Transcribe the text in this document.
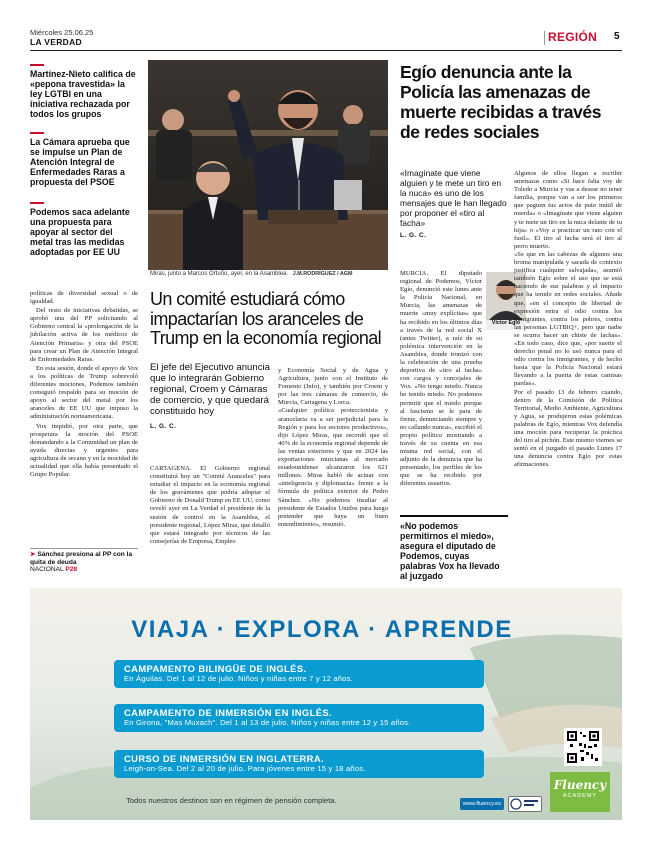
Miércoles 25.06.25
LA VERDAD	REGIÓN 5
Martínez-Nieto califica de «pepona travestida» la ley LGTBI en una iniciativa rechazada por todos los grupos
La Cámara aprueba que se impulse un Plan de Atención Integral de Enfermedades Raras a propuesta del PSOE
Podemos saca adelante una propuesta para apoyar al sector del metal tras las medidas adoptadas por EE UU
Miras, junto a Marcos Ortuño, ayer, en la Asamblea. J.M.RODRÍGUEZ / AGM

políticas de diversidad sexual o de igualdad.

Del resto de iniciativas debatidas, se aprobó una del PP solicitando al Gobierno central la «prolongación de la jubilación activa de los médicos de Atención Primaria» y otra del PSOE para crear un Plan de Atención Integral de Enfermedades Raras.

En esta sesión, donde el apoyo de Vox a los políticas de Trump sobrevoló diferentes mociones, Podemos también consiguió respaldo para su moción de apoyo al sector del metal por los aranceles de EE UU que impuso la administración norteamericana.

Vox impidió, por otra parte, que prosperara la moción del PSOE demandando a la Comunidad un plan de ayuda directas y urgentes para agricultura de secano y en la mocidad de actualidad que ella había presentado el Grupo Popular.

➤ Sánchez presiona al PP con la quita de deuda
NACIONAL P28
Un comité estudiará cómo impactarían los aranceles de Trump en la economía regional
El jefe del Ejecutivo anuncia que lo integrarán Gobierno regional, Croem y Cámaras de comercio, y que quedará constituido hoy
L. G. C.
CARTAGENA. El Gobierno regional constituirá hoy un "Comité Aranceles" para estudiar el impacto en la economía regional de los gravámenes que podría adoptar el Gobierno de Donald Trump en EE UU, como reveló ayer en La Verdad el presidente de la sesión de control en la Asamblea, el presidente regional, López Miras, que detalló que estará integrado por técnicos de las consejerías de Empresa, Empleo
y Economía Social y de Agua y Agricultura, junto con el Instituto de Fomento (Info), y también por Croem y por las tres cámaras de comercio, de Murcia, Cartagena y Lorca.
«Cualquier política proteccionista y arancelaria va a ser perjudicial para la Región y para los sectores productivos», dijo López Miras, que recordó que el 40% de la economía regional depende de las ventas exteriores y que en 2024 las exportaciones murcianas al mercado estadounidense alcanzaron los 621 millones. Miras habló de actuar con «inteligencia y diplomacia» frente a la fórmula de política exterior de Pedro Sánchez. «No podemos insultar al presidente de Estados Unidos para luego pretender que haya un buen entendimiento», resumió.
Egío denuncia ante la Policía las amenazas de muerte recibidas a través de redes sociales
«Imagínate que viene alguien y te mete un tiro en la nuca» es uno de los mensajes que le han llegado por proponer el «tiro al facha»
L. G. C.
Víctor Egío
MURCIA. El diputado regional de Podemos, Víctor Egío, denunció este lunes ante la Policía Nacional, en Murcia, las amenazas de muerte «muy explícitas» que ha recibido en los últimos días a través de la red social X (antes Twitter), a raíz de su polémica intervención en la Asamblea, donde ironizó con la celebración de una prueba deportiva de «tiro al facha» con cargos y concejales de Vox. «No tengo miedo. Nunca he tenido miedo. No podemos permitir que el miedo porque al fascismo se le para de frente, denunciando siempre y no callando nunca», escribió el propio político mostrando a través de su cuenta en esa misma red social, con el adjunto de la denuncia que ha presentado, los perfiles de los que se ha recibido por diferentes usuarios.
«No podemos permitirnos el miedo», asegura el diputado de Podemos, cuyas palabras Vox ha llevado al juzgado
Algunos de ellos llegan a escribir amenazas como «Si hace falta voy de Toledo a Murcia y vas a desear no tener familia, porque van a ser los primeros que paguen tus actos de puto inútil de mierda» o «Imagínate que viene alguien y te mete un tiro en la nuca delante de tu hija» o «Voy a practicar un rato con el fusil». El tiro al facha será el tiro al perro muerto.
«Se que en las cabezas de algunos una broma manipulada y sacada de contexto justifica cualquier salvajada», asumió también Egío sobre el uso que se está haciendo de sus palabras y el impacto que ha tenido en redes sociales. Añade que, «en el concepto de libertad de expresión entra el odio contra los inmigrantes, contra los pobres, contra las personas LGTBIQ+, pero que nadie se ocurra hacer un chiste de fachas». «En todo caso, dice que, «por suerte el derecho penal no lo usó nunca para el odio contra los inmigrantes, y de hecho hasta que la Policía Nacional estará llevando a la puerta de estas camisas pardas».
Por el pasado 13 de febrero cuando, dentro de la Comisión de Política Territorial, Medio Ambiente, Agricultura y Agua, se produjeron estas polémicas palabras de Egío, mientras Vox defendía una moción para recuperar la práctica del tiro al pichón. Este mismo viernes se sentó en el juzgado el pasado Lunes 17 una denuncia contra Egío por estas afirmaciones.
VIAJA · EXPLORA · APRENDE
CAMPAMENTO BILINGÜE DE INGLÉS.
En Águilas. Del 1 al 12 de julio. Niños y niñas entre 7 y 12 años.
CAMPAMENTO DE INMERSIÓN EN INGLÉS.
En Girona, "Mas Muxach". Del 1 al 13 de julio. Niños y niñas entre 12 y 15 años.
CURSO DE INMERSIÓN EN INGLATERRA.
Leigh-on-Sea. Del 2 al 20 de julio. Para jóvenes entre 15 y 18 años.
Todos nuestros destinos son en régimen de pensión completa.
Fluency
ACADEMY
www.fluency.es
